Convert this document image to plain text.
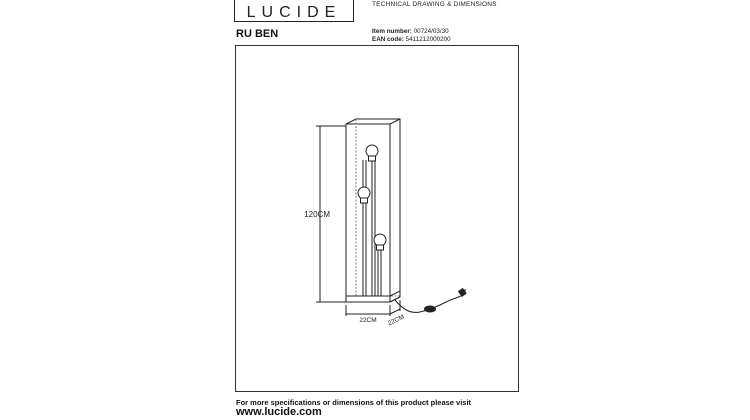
LUCIDE	TECHNICAL DRAWING & DIMENSIONS
RU BEN	Item number: 00724/03/30
EAN code: 5411212000200
120CM
22CM 22CM
For more specifications or dimensions of this product please visit
www.lucide.com
